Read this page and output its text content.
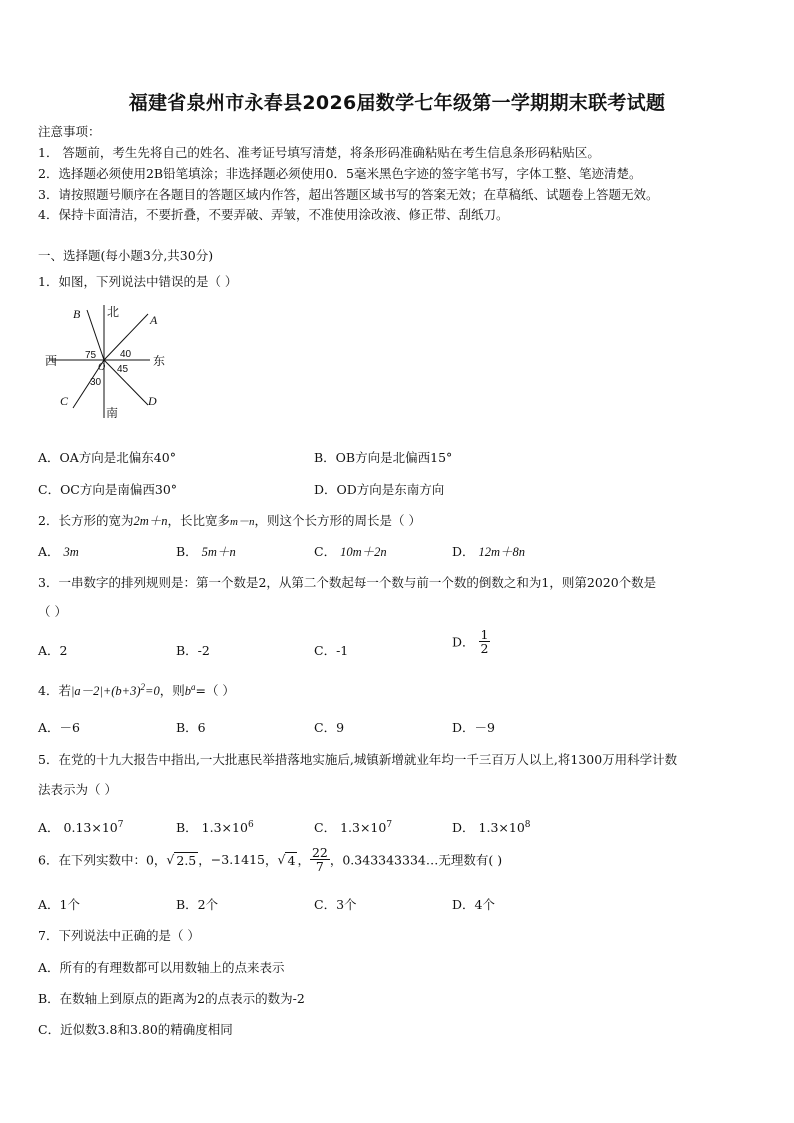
福建省泉州市永春县2026届数学七年级第一学期期末联考试题
注意事项：
1． 答题前，考生先将自己的姓名、准考证号填写清楚，将条形码准确粘贴在考生信息条形码粘贴区。
2．选择题必须使用2B铅笔填涂；非选择题必须使用0．5毫米黑色字迹的签字笔书写，字体工整、笔迹清楚。
3．请按照题号顺序在各题目的答题区域内作答，超出答题区域书写的答案无效；在草稿纸、试题卷上答题无效。
4．保持卡面清洁，不要折叠，不要弄破、弄皱，不准使用涂改液、修正带、刮纸刀。
一、选择题(每小题3分,共30分)
1．如图，下列说法中错误的是（ ）
北
南
东
西
A
B
C	D
O
40
45
75
30
A．OA方向是北偏东40°	B．OB方向是北偏西15°
C．OC方向是南偏西30°	D．OD方向是东南方向
2．长方形的宽为2m＋n，长比宽多m－n，则这个长方形的周长是（ ）
A． 3m	B． 5m＋n	C． 10m＋2n	D． 12m＋8n
3．一串数字的排列规则是：第一个数是2，从第二个数起每一个数与前一个数的倒数之和为1，则第2020个数是
（ ）
A．2	B．-2	C．-1
D． $\frac{1}{2}$
4．若$|a-2|+(b+3)^2=0$，则$b^a=$（ ）
A．－6	B．6	C．9	D．－9
5．在党的十九大报告中指出,一大批惠民举措落地实施后,城镇新增就业年均一千三百万人以上,将1300万用科学计数
法表示为（ ）
A． $0.13\times 10^7$	B． $1.3\times 10^6$	C． $1.3\times 10^7$	D． $1.3\times 10^8$
6．在下列实数中：0，√ 2.5 ，−3.1415，√ 4 ， $\frac{22}{7}$ ，0.343343334…无理数有( )
A．1个	B．2个	C．3个	D．4个
7．下列说法中正确的是（ ）
A．所有的有理数都可以用数轴上的点来表示
B．在数轴上到原点的距离为2的点表示的数为-2
C．近似数3.8和3.80的精确度相同
